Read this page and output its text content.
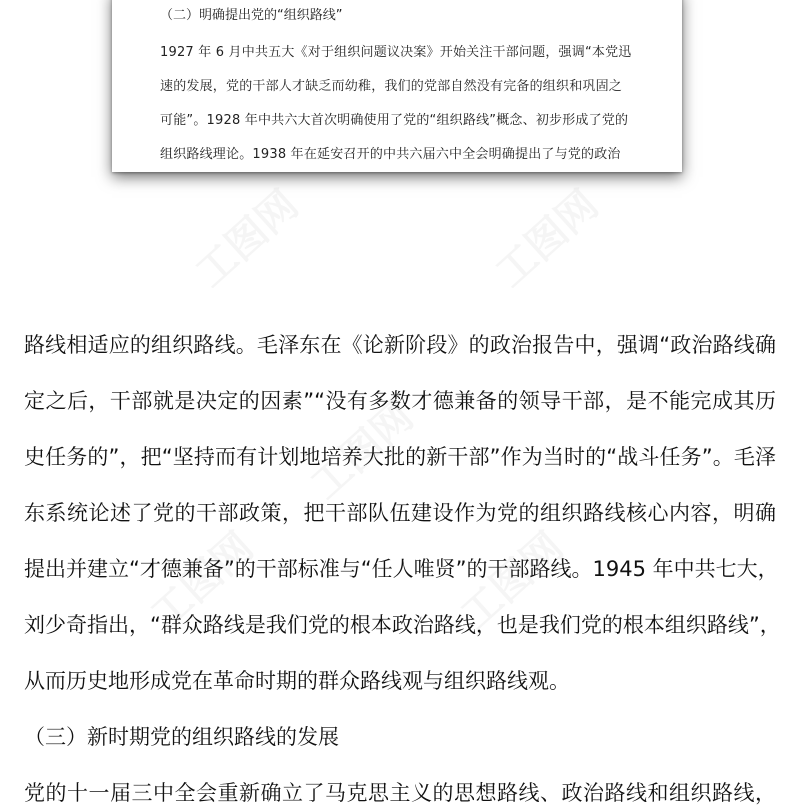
（二）明确提出党的“组织路线”
1927 年 6 月中共五大《对于组织问题议决案》开始关注干部问题，强调“本党迅
速的发展，党的干部人才缺乏而幼稚，我们的党部自然没有完备的组织和巩固之
可能”。1928 年中共六大首次明确使用了党的“组织路线”概念、初步形成了党的
组织路线理论。1938 年在延安召开的中共六届六中全会明确提出了与党的政治
工图网	工图网
工图网
工图网	工图网
路线相适应的组织路线。毛泽东在《论新阶段》的政治报告中，强调“政治路线确
定之后，干部就是决定的因素”“没有多数才德兼备的领导干部，是不能完成其历
史任务的”，把“坚持而有计划地培养大批的新干部”作为当时的“战斗任务”。毛泽
东系统论述了党的干部政策，把干部队伍建设作为党的组织路线核心内容，明确
提出并建立“才德兼备”的干部标准与“任人唯贤”的干部路线。1945 年中共七大，
刘少奇指出，“群众路线是我们党的根本政治路线，也是我们党的根本组织路线”，
从而历史地形成党在革命时期的群众路线观与组织路线观。
（三）新时期党的组织路线的发展
党的十一届三中全会重新确立了马克思主义的思想路线、政治路线和组织路线，
